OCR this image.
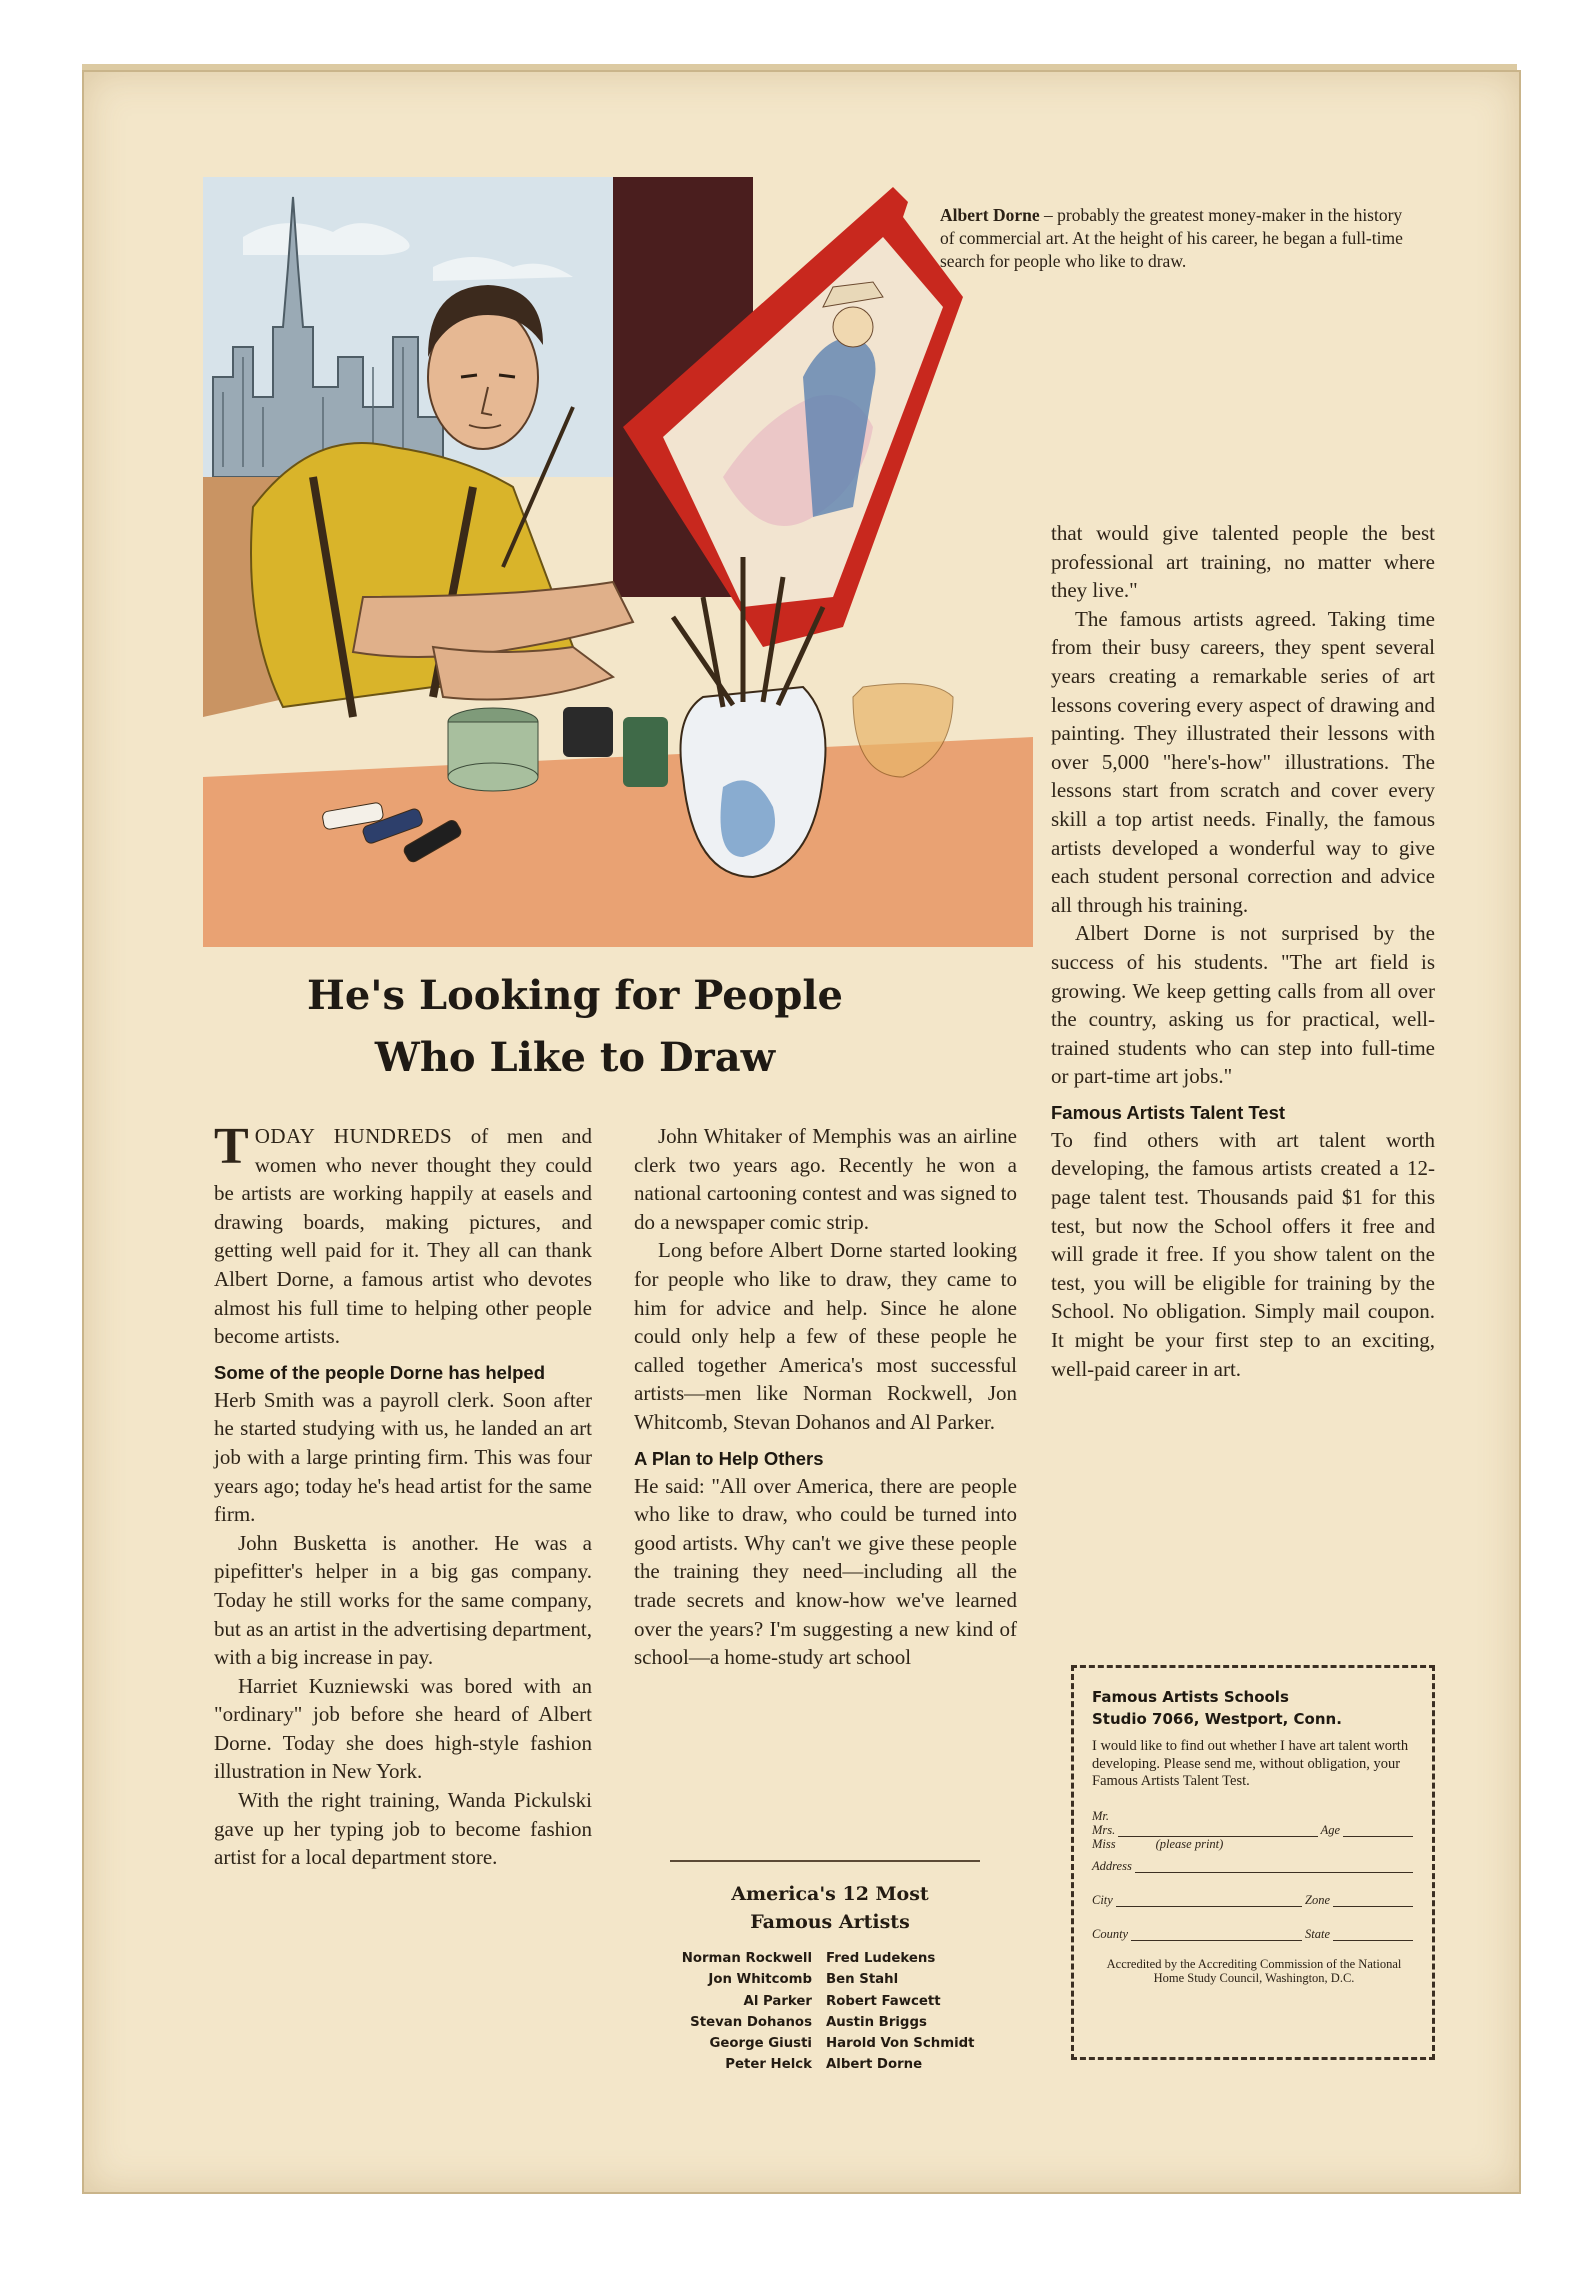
Albert Dorne – probably the greatest money-maker in the history of commercial art. At the height of his career, he began a full-time search for people who like to draw.
He's Looking for People
Who Like to Draw

TODAY HUNDREDS of men and women who never thought they could be artists are working happily at easels and drawing boards, making pictures, and getting well paid for it. They all can thank Albert Dorne, a famous artist who devotes almost his full time to helping other people become artists.

Some of the people Dorne has helped

Herb Smith was a payroll clerk. Soon after he started studying with us, he landed an art job with a large printing firm. This was four years ago; today he's head artist for the same firm.

John Busketta is another. He was a pipefitter's helper in a big gas company. Today he still works for the same company, but as an artist in the advertising department, with a big increase in pay.

Harriet Kuzniewski was bored with an "ordinary" job before she heard of Albert Dorne. Today she does high-style fashion illustration in New York.

With the right training, Wanda Pickulski gave up her typing job to become fashion artist for a local department store.

John Whitaker of Memphis was an airline clerk two years ago. Recently he won a national cartooning contest and was signed to do a newspaper comic strip.

Long before Albert Dorne started looking for people who like to draw, they came to him for advice and help. Since he alone could only help a few of these people he called together America's most successful artists—men like Norman Rockwell, Jon Whitcomb, Stevan Dohanos and Al Parker.

A Plan to Help Others

He said: "All over America, there are people who like to draw, who could be turned into good artists. Why can't we give these people the training they need—including all the trade secrets and know-how we've learned over the years? I'm suggesting a new kind of school—a home-study art school

America's 12 Most
Famous Artists
Norman Rockwell	Fred Ludekens
Jon Whitcomb	Ben Stahl
Al Parker	Robert Fawcett
Stevan Dohanos	Austin Briggs
George Giusti	Harold Von Schmidt
Peter Helck	Albert Dorne

that would give talented people the best professional art training, no matter where they live."

The famous artists agreed. Taking time from their busy careers, they spent several years creating a remarkable series of art lessons covering every aspect of drawing and painting. They illustrated their lessons with over 5,000 "here's-how" illustrations. The lessons start from scratch and cover every skill a top artist needs. Finally, the famous artists developed a wonderful way to give each student personal correction and advice all through his training.

Albert Dorne is not surprised by the success of his students. "The art field is growing. We keep getting calls from all over the country, asking us for practical, well-trained students who can step into full-time or part-time art jobs."

Famous Artists Talent Test

To find others with art talent worth developing, the famous artists created a 12-page talent test. Thousands paid $1 for this test, but now the School offers it free and will grade it free. If you show talent on the test, you will be eligible for training by the School. No obligation. Simply mail coupon. It might be your first step to an exciting, well-paid career in art.

Famous Artists Schools
Studio 7066, Westport, Conn.
I would like to find out whether I have art talent worth developing. Please send me, without obligation, your Famous Artists Talent Test.
Mr.
Mrs.	Age
Miss	(please print)
Address
City	Zone
County	State
Accredited by the Accrediting Commission of the National Home Study Council, Washington, D.C.
